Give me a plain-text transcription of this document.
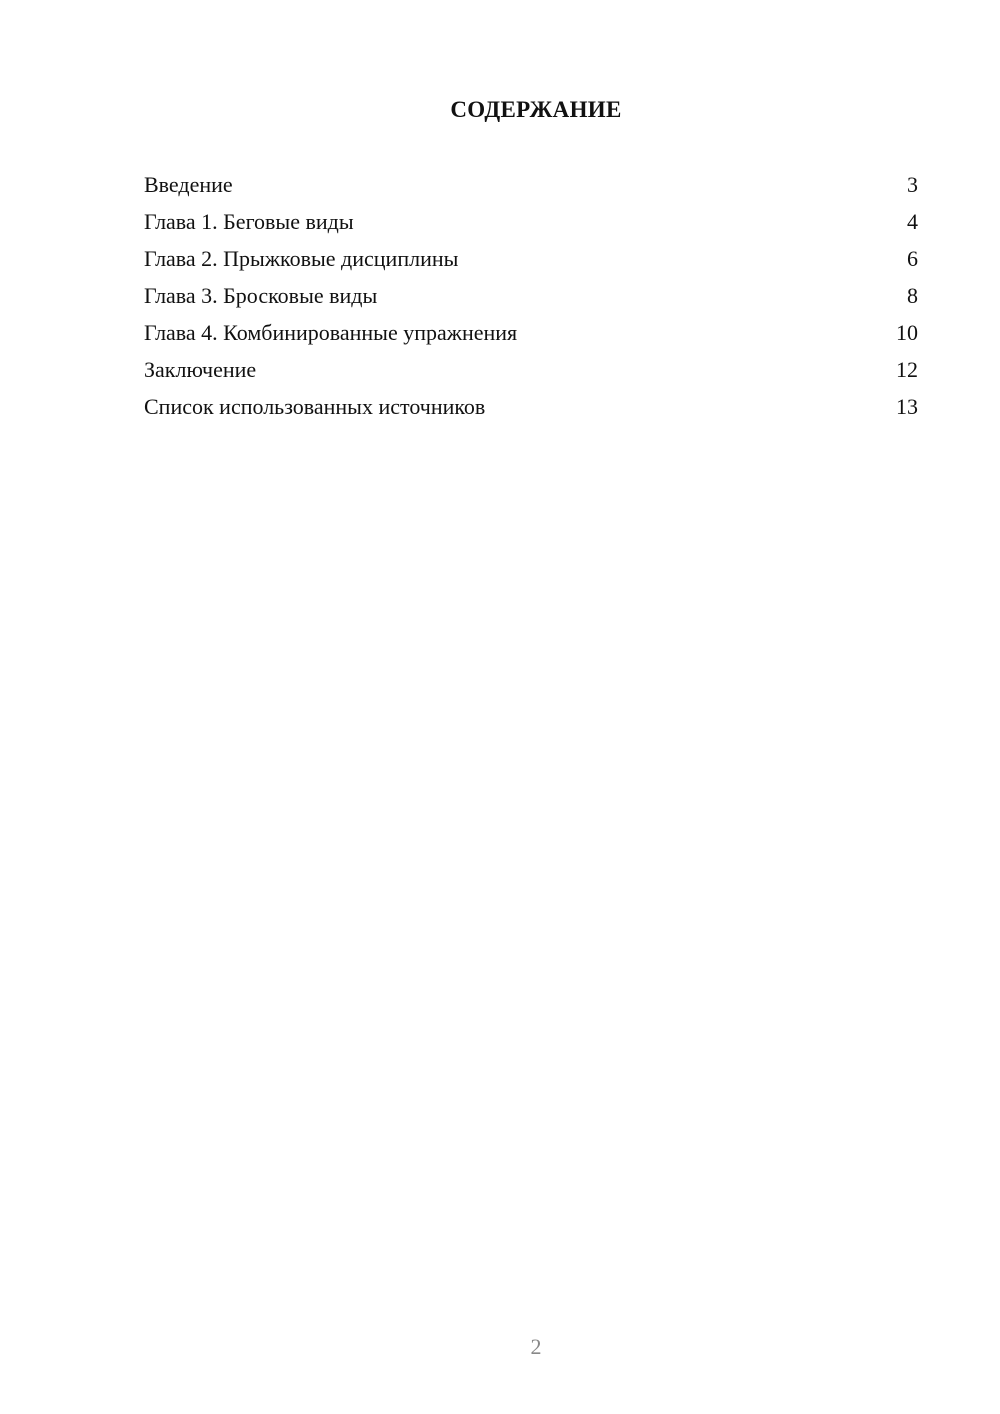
СОДЕРЖАНИЕ
Введение	3
Глава 1. Беговые виды	4
Глава 2. Прыжковые дисциплины	6
Глава 3. Бросковые виды	8
Глава 4. Комбинированные упражнения	10
Заключение	12
Список использованных источников	13
2
